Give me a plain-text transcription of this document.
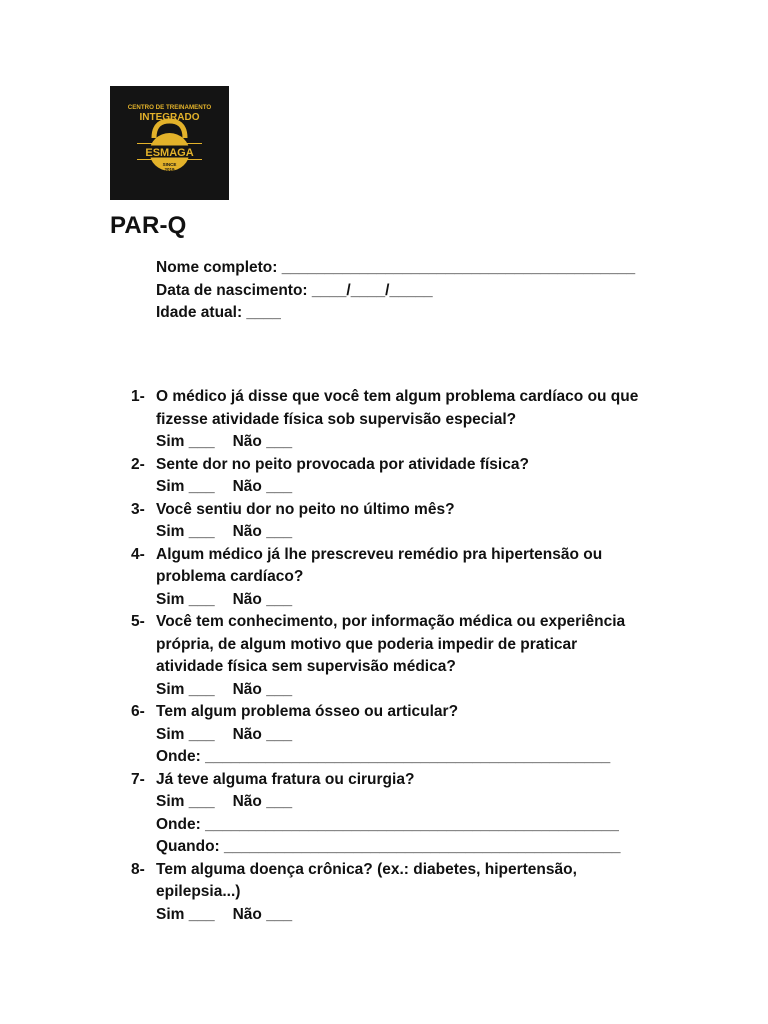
CENTRO DE TREINAMENTO
INTEGRADO
ESMAGA
SINCE
2019
PAR-Q
Nome completo: _________________________________________
Data de nascimento: ____/____/_____
Idade atual: ____
1- O médico já disse que você tem algum problema cardíaco ou que
fizesse atividade física sob supervisão especial?
Sim ___ Não ___
2- Sente dor no peito provocada por atividade física?
Sim ___ Não ___
3- Você sentiu dor no peito no último mês?
Sim ___ Não ___
4- Algum médico já lhe prescreveu remédio pra hipertensão ou
problema cardíaco?
Sim ___ Não ___
5- Você tem conhecimento, por informação médica ou experiência
própria, de algum motivo que poderia impedir de praticar
atividade física sem supervisão médica?
Sim ___ Não ___
6- Tem algum problema ósseo ou articular?
Sim ___ Não ___
Onde: _______________________________________________
7- Já teve alguma fratura ou cirurgia?
Sim ___ Não ___
Onde: ________________________________________________
Quando: ______________________________________________
8- Tem alguma doença crônica? (ex.: diabetes, hipertensão,
epilepsia...)
Sim ___ Não ___
